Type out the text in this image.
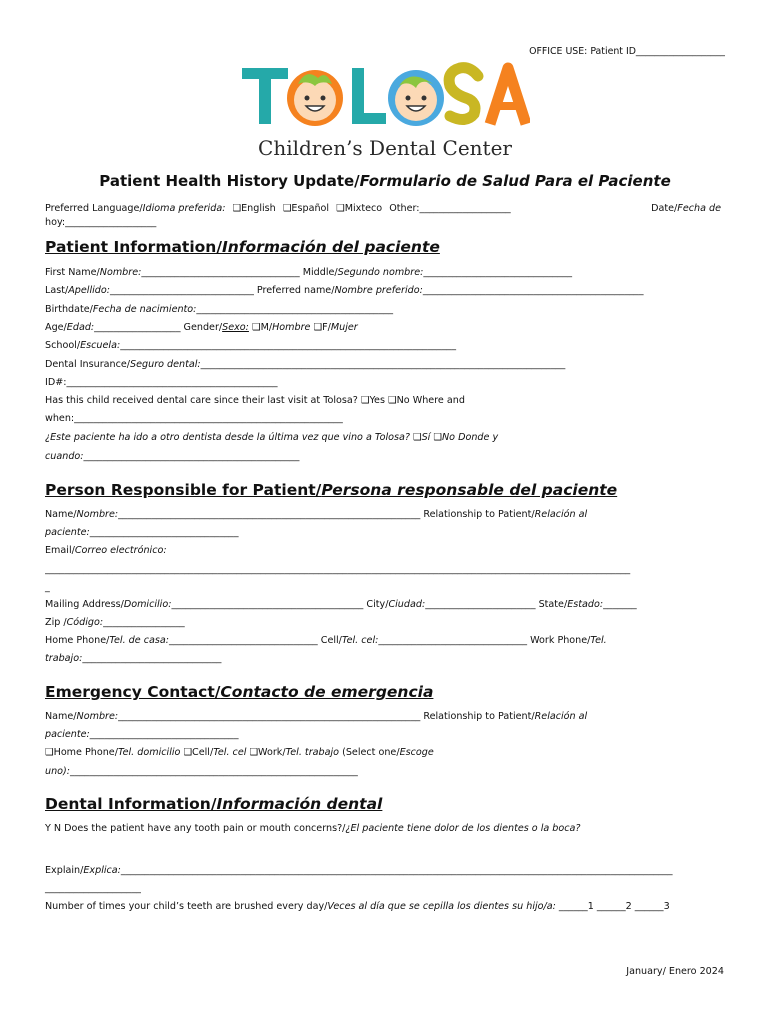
OFFICE USE: Patient ID___________________
Children’s Dental Center
Patient Health History Update/Formulario de Salud Para el Paciente
Preferred Language/Idioma preferida: ❑English ❑Español ❑Mixteco Other:___________________	Date/Fecha de
hoy:___________________
Patient Information/Información del paciente
First Name/Nombre:_________________________________ Middle/Segundo nombre:_______________________________
Last/Apellido:______________________________ Preferred name/Nombre preferido:______________________________________________
Birthdate/Fecha de nacimiento:_________________________________________
Age/Edad:__________________ Gender/Sexo: ❑M/Hombre ❑F/Mujer
School/Escuela:______________________________________________________________________
Dental Insurance/Seguro dental:____________________________________________________________________________
ID#:____________________________________________
Has this child received dental care since their last visit at Tolosa? ❑Yes ❑No Where and
when:________________________________________________________
¿Este paciente ha ido a otro dentista desde la última vez que vino a Tolosa? ❑Sí ❑No Donde y
cuando:_____________________________________________
Person Responsible for Patient/Persona responsable del paciente
Name/Nombre:_______________________________________________________________ Relationship to Patient/Relación al
paciente:_______________________________
Email/Correo electrónico:
__________________________________________________________________________________________________________________________
_
Mailing Address/Domicilio:________________________________________ City/Ciudad:_______________________ State/Estado:_______
Zip /Código:_________________
Home Phone/Tel. de casa:_______________________________ Cell/Tel. cel:_______________________________ Work Phone/Tel.
trabajo:_____________________________
Emergency Contact/Contacto de emergencia
Name/Nombre:_______________________________________________________________ Relationship to Patient/Relación al
paciente:_______________________________
❑Home Phone/Tel. domicilio ❑Cell/Tel. cel ❑Work/Tel. trabajo (Select one/Escoge
uno):____________________________________________________________
Dental Information/Información dental
Y N Does the patient have any tooth pain or mouth concerns?/¿El paciente tiene dolor de los dientes o la boca?
Explain/Explica:___________________________________________________________________________________________________________________
____________________
Number of times your child’s teeth are brushed every day/Veces al día que se cepilla los dientes su hijo/a: ______1 ______2 ______3
January/ Enero 2024
